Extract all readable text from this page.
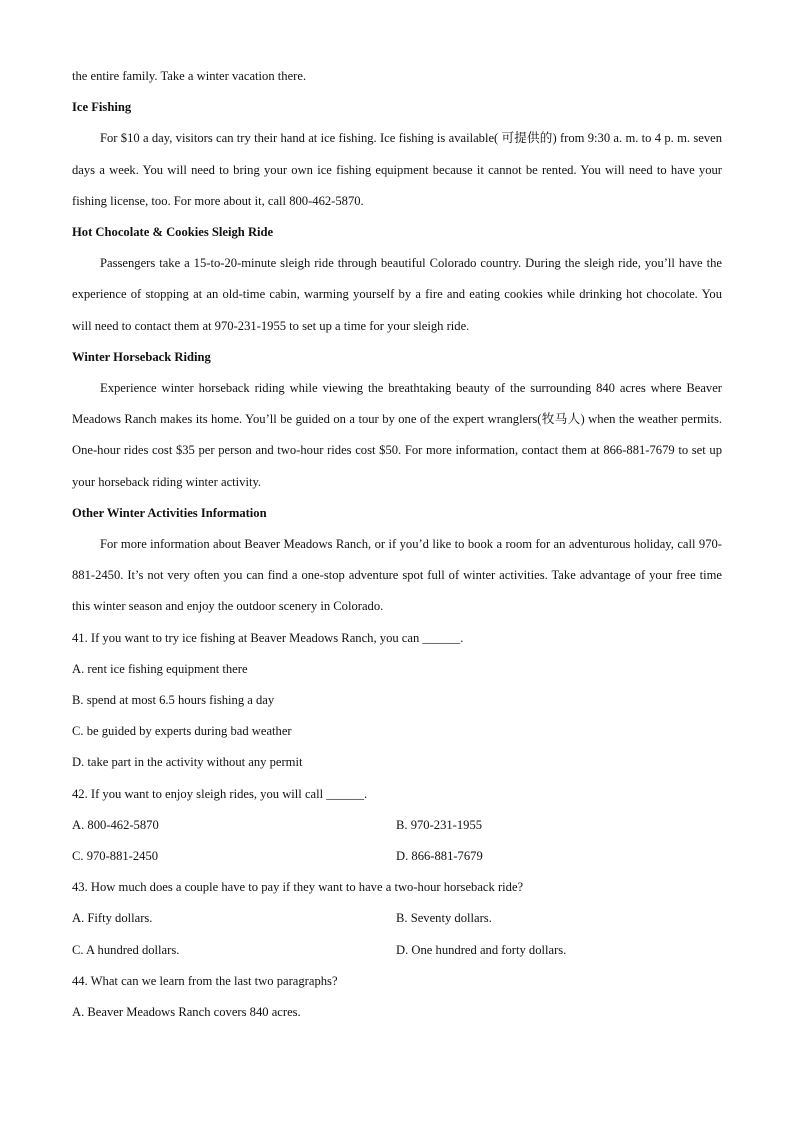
the entire family. Take a winter vacation there.

Ice Fishing

For $10 a day, visitors can try their hand at ice fishing. Ice fishing is available( 可提供的) from 9:30 a. m. to 4 p. m. seven days a week. You will need to bring your own ice fishing equipment because it cannot be rented. You will need to have your fishing license, too. For more about it, call 800-462-5870.

Hot Chocolate & Cookies Sleigh Ride

Passengers take a 15-to-20-minute sleigh ride through beautiful Colorado country. During the sleigh ride, you’ll have the experience of stopping at an old-time cabin, warming yourself by a fire and eating cookies while drinking hot chocolate. You will need to contact them at 970-231-1955 to set up a time for your sleigh ride.

Winter Horseback Riding

Experience winter horseback riding while viewing the breathtaking beauty of the surrounding 840 acres where Beaver Meadows Ranch makes its home. You’ll be guided on a tour by one of the expert wranglers(牧马人) when the weather permits. One-hour rides cost $35 per person and two-hour rides cost $50. For more information, contact them at 866-881-7679 to set up your horseback riding winter activity.

Other Winter Activities Information

For more information about Beaver Meadows Ranch, or if you’d like to book a room for an adventurous holiday, call 970-881-2450. It’s not very often you can find a one-stop adventure spot full of winter activities. Take advantage of your free time this winter season and enjoy the outdoor scenery in Colorado.

41. If you want to try ice fishing at Beaver Meadows Ranch, you can ______.

A. rent ice fishing equipment there

B. spend at most 6.5 hours fishing a day

C. be guided by experts during bad weather

D. take part in the activity without any permit

42. If you want to enjoy sleigh rides, you will call ______.

A. 800-462-5870	B. 970-231-1955

C. 970-881-2450	D. 866-881-7679

43. How much does a couple have to pay if they want to have a two-hour horseback ride?

A. Fifty dollars.	B. Seventy dollars.

C. A hundred dollars.	D. One hundred and forty dollars.

44. What can we learn from the last two paragraphs?

A. Beaver Meadows Ranch covers 840 acres.
